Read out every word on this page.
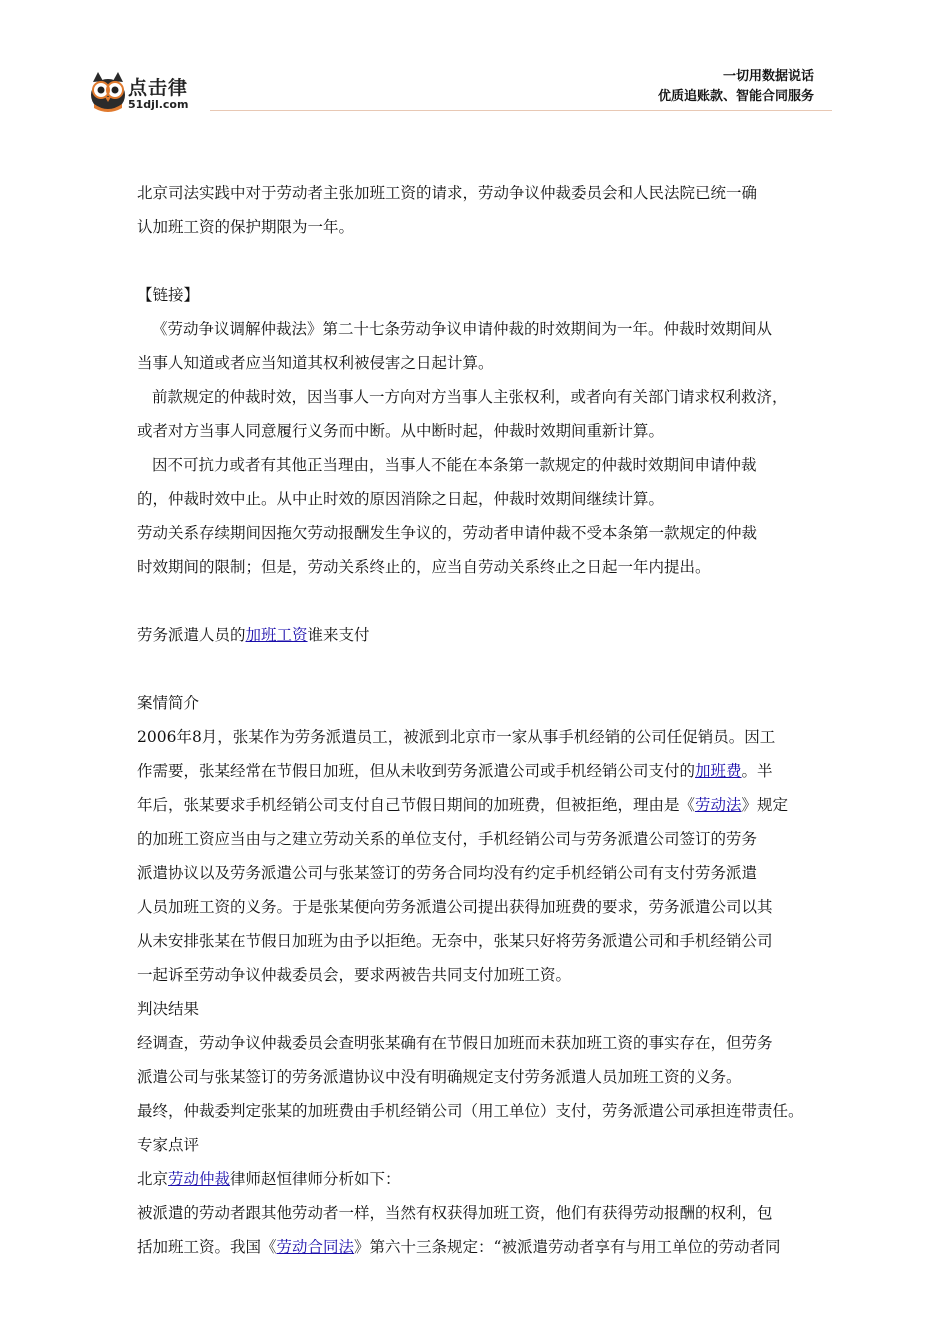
点击律
51djl.com
一切用数据说话
优质追账款、智能合同服务

北京司法实践中对于劳动者主张加班工资的请求，劳动争议仲裁委员会和人民法院已统一确

认加班工资的保护期限为一年。

【链接】

《劳动争议调解仲裁法》第二十七条劳动争议申请仲裁的时效期间为一年。仲裁时效期间从

当事人知道或者应当知道其权利被侵害之日起计算。

前款规定的仲裁时效，因当事人一方向对方当事人主张权利，或者向有关部门请求权利救济，

或者对方当事人同意履行义务而中断。从中断时起，仲裁时效期间重新计算。

因不可抗力或者有其他正当理由，当事人不能在本条第一款规定的仲裁时效期间申请仲裁

的，仲裁时效中止。从中止时效的原因消除之日起，仲裁时效期间继续计算。

劳动关系存续期间因拖欠劳动报酬发生争议的，劳动者申请仲裁不受本条第一款规定的仲裁

时效期间的限制；但是，劳动关系终止的，应当自劳动关系终止之日起一年内提出。

劳务派遣人员的加班工资谁来支付

案情简介

2006年8月，张某作为劳务派遣员工，被派到北京市一家从事手机经销的公司任促销员。因工

作需要，张某经常在节假日加班，但从未收到劳务派遣公司或手机经销公司支付的加班费。半

年后，张某要求手机经销公司支付自己节假日期间的加班费，但被拒绝，理由是《劳动法》规定

的加班工资应当由与之建立劳动关系的单位支付，手机经销公司与劳务派遣公司签订的劳务

派遣协议以及劳务派遣公司与张某签订的劳务合同均没有约定手机经销公司有支付劳务派遣

人员加班工资的义务。于是张某便向劳务派遣公司提出获得加班费的要求，劳务派遣公司以其

从未安排张某在节假日加班为由予以拒绝。无奈中，张某只好将劳务派遣公司和手机经销公司

一起诉至劳动争议仲裁委员会，要求两被告共同支付加班工资。

判决结果

经调查，劳动争议仲裁委员会查明张某确有在节假日加班而未获加班工资的事实存在，但劳务

派遣公司与张某签订的劳务派遣协议中没有明确规定支付劳务派遣人员加班工资的义务。

最终，仲裁委判定张某的加班费由手机经销公司（用工单位）支付，劳务派遣公司承担连带责任。

专家点评

北京劳动仲裁律师赵恒律师分析如下：

被派遣的劳动者跟其他劳动者一样，当然有权获得加班工资，他们有获得劳动报酬的权利，包

括加班工资。我国《劳动合同法》第六十三条规定：“被派遣劳动者享有与用工单位的劳动者同
